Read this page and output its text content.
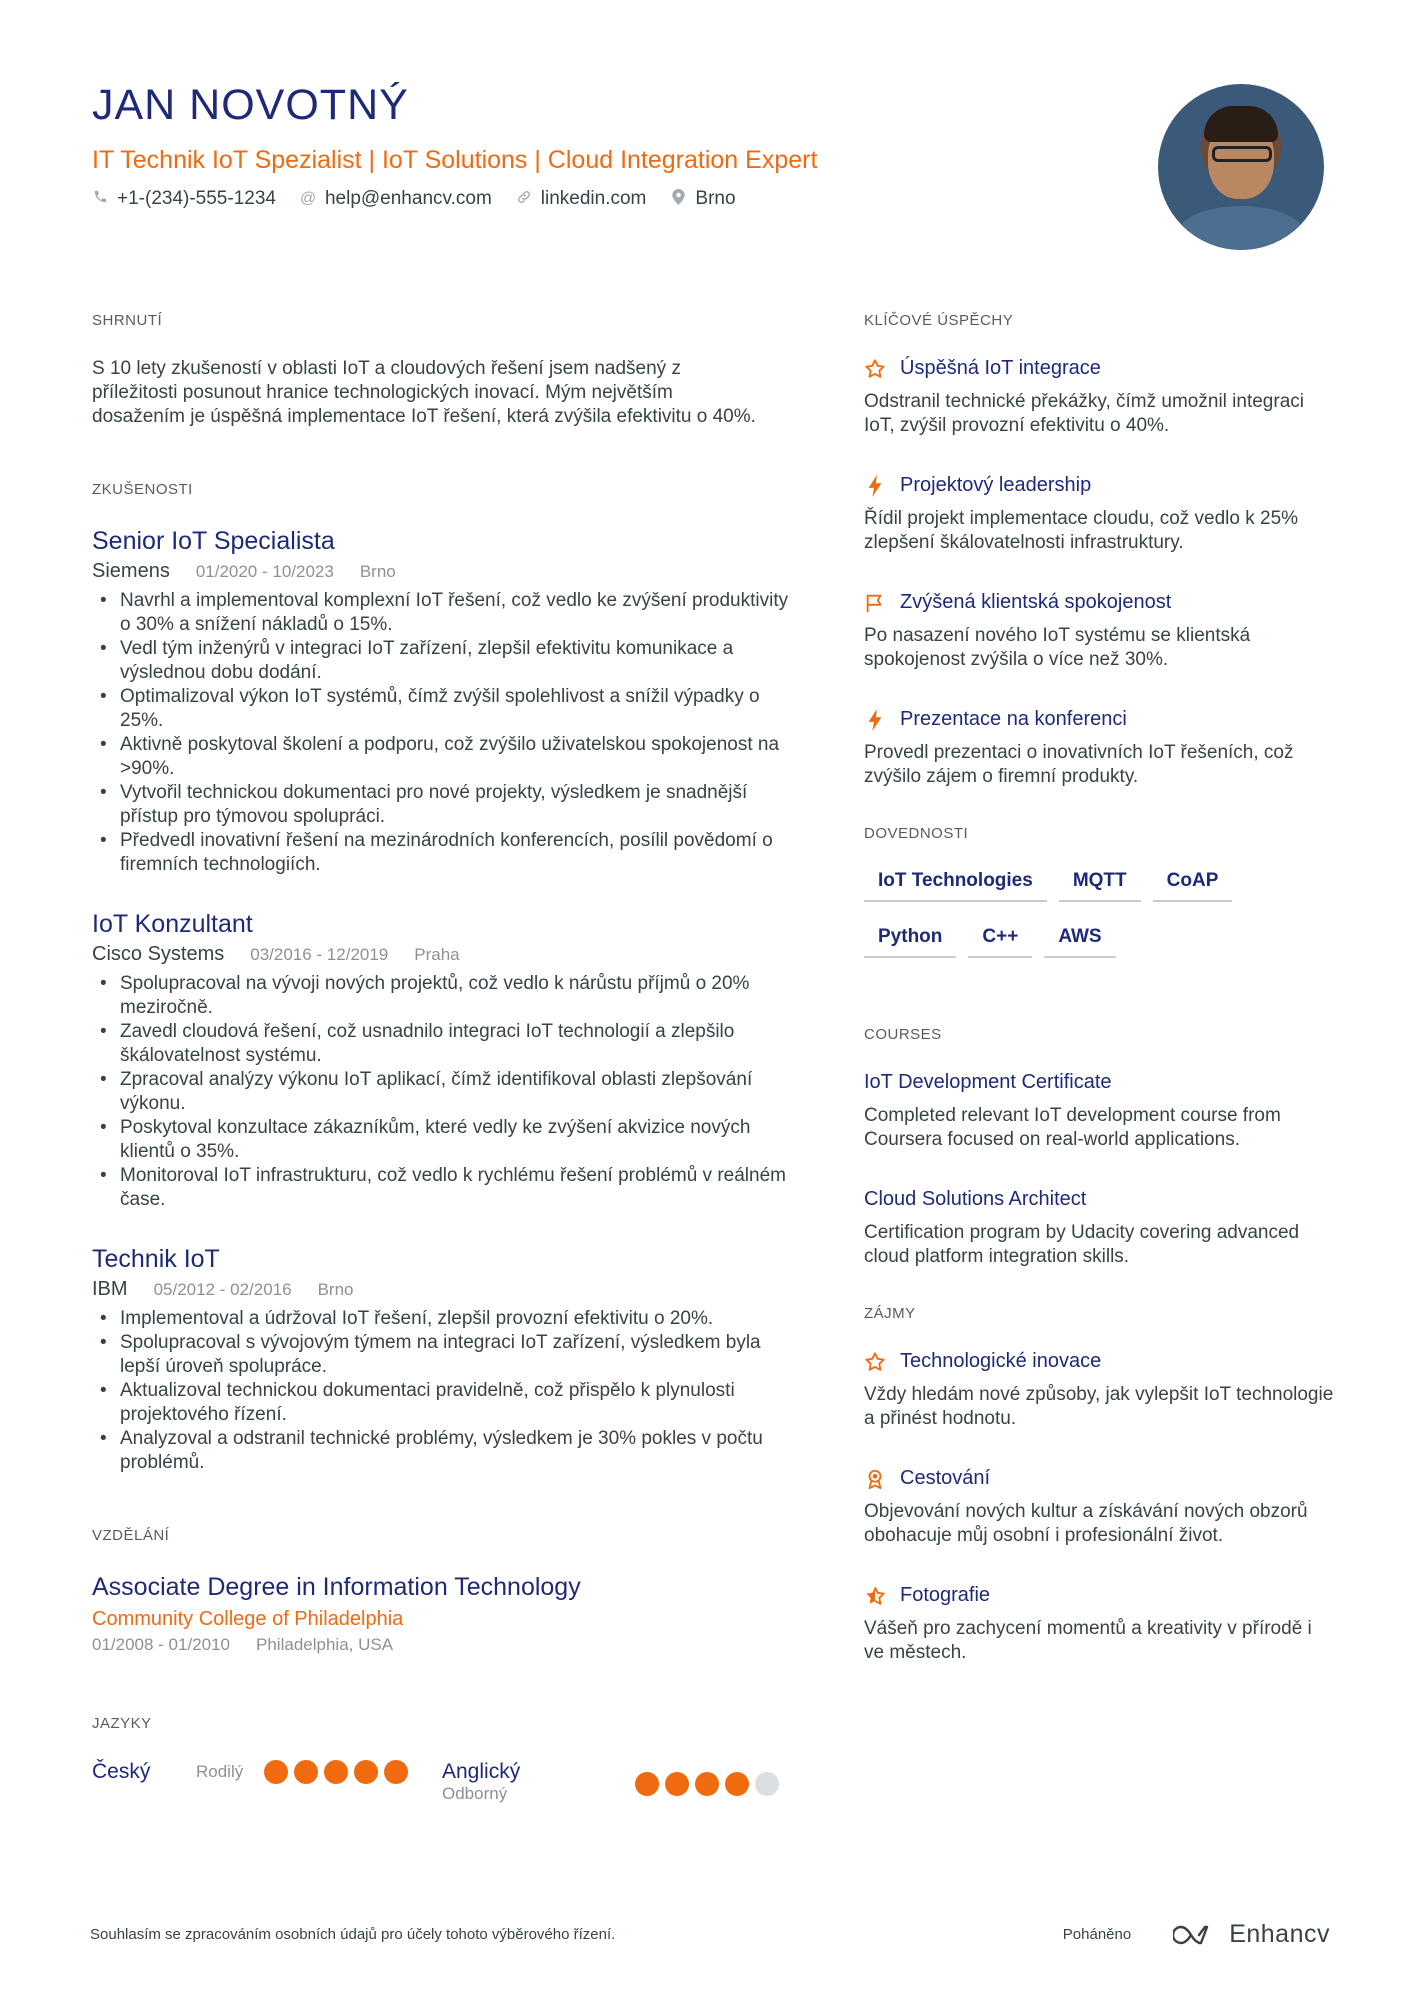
JAN NOVOTNÝ
IT Technik IoT Spezialist | IoT Solutions | Cloud Integration Expert
+1-(234)-555-1234 @ help@enhancv.com	linkedin.com	Brno
SHRNUTÍ
S 10 lety zkušeností v oblasti IoT a cloudových řešení jsem nadšený z příležitosti posunout hranice technologických inovací. Mým největším dosažením je úspěšná implementace IoT řešení, která zvýšila efektivitu o 40%.
ZKUŠENOSTI
Senior IoT Specialista
Siemens 01/2020 - 10/2023 Brno
• Navrhl a implementoval komplexní IoT řešení, což vedlo ke zvýšení produktivity o 30% a snížení nákladů o 15%.
• Vedl tým inženýrů v integraci IoT zařízení, zlepšil efektivitu komunikace a výslednou dobu dodání.
• Optimalizoval výkon IoT systémů, čímž zvýšil spolehlivost a snížil výpadky o 25%.
• Aktivně poskytoval školení a podporu, což zvýšilo uživatelskou spokojenost na >90%.
• Vytvořil technickou dokumentaci pro nové projekty, výsledkem je snadnější přístup pro týmovou spolupráci.
• Předvedl inovativní řešení na mezinárodních konferencích, posílil povědomí o firemních technologiích.
IoT Konzultant
Cisco Systems 03/2016 - 12/2019 Praha
• Spolupracoval na vývoji nových projektů, což vedlo k nárůstu příjmů o 20% meziročně.
• Zavedl cloudová řešení, což usnadnilo integraci IoT technologií a zlepšilo škálovatelnost systému.
• Zpracoval analýzy výkonu IoT aplikací, čímž identifikoval oblasti zlepšování výkonu.
• Poskytoval konzultace zákazníkům, které vedly ke zvýšení akvizice nových klientů o 35%.
• Monitoroval IoT infrastrukturu, což vedlo k rychlému řešení problémů v reálném čase.
Technik IoT
IBM 05/2012 - 02/2016 Brno
• Implementoval a údržoval IoT řešení, zlepšil provozní efektivitu o 20%.
• Spolupracoval s vývojovým týmem na integraci IoT zařízení, výsledkem byla lepší úroveň spolupráce.
• Aktualizoval technickou dokumentaci pravidelně, což přispělo k plynulosti projektového řízení.
• Analyzoval a odstranil technické problémy, výsledkem je 30% pokles v počtu problémů.
VZDĚLÁNÍ
Associate Degree in Information Technology
Community College of Philadelphia
01/2008 - 01/2010 Philadelphia, USA
JAZYKY
Český	Rodilý	Anglický
Odborný
KLÍČOVÉ ÚSPĚCHY
Úspěšná IoT integrace
Odstranil technické překážky, čímž umožnil integraci IoT, zvýšil provozní efektivitu o 40%.
Projektový leadership
Řídil projekt implementace cloudu, což vedlo k 25% zlepšení škálovatelnosti infrastruktury.
Zvýšená klientská spokojenost
Po nasazení nového IoT systému se klientská spokojenost zvýšila o více než 30%.
Prezentace na konferenci
Provedl prezentaci o inovativních IoT řešeních, což zvýšilo zájem o firemní produkty.
DOVEDNOSTI
IoT Technologies	MQTT	CoAP
Python	C++	AWS
COURSES
IoT Development Certificate
Completed relevant IoT development course from Coursera focused on real-world applications.
Cloud Solutions Architect
Certification program by Udacity covering advanced cloud platform integration skills.
ZÁJMY
Technologické inovace
Vždy hledám nové způsoby, jak vylepšit IoT technologie a přinést hodnotu.
Cestování
Objevování nových kultur a získávání nových obzorů obohacuje můj osobní i profesionální život.
Fotografie
Vášeň pro zachycení momentů a kreativity v přírodě i ve městech.
Souhlasím se zpracováním osobních údajů pro účely tohoto výběrového řízení.	Poháněno	Enhancv
